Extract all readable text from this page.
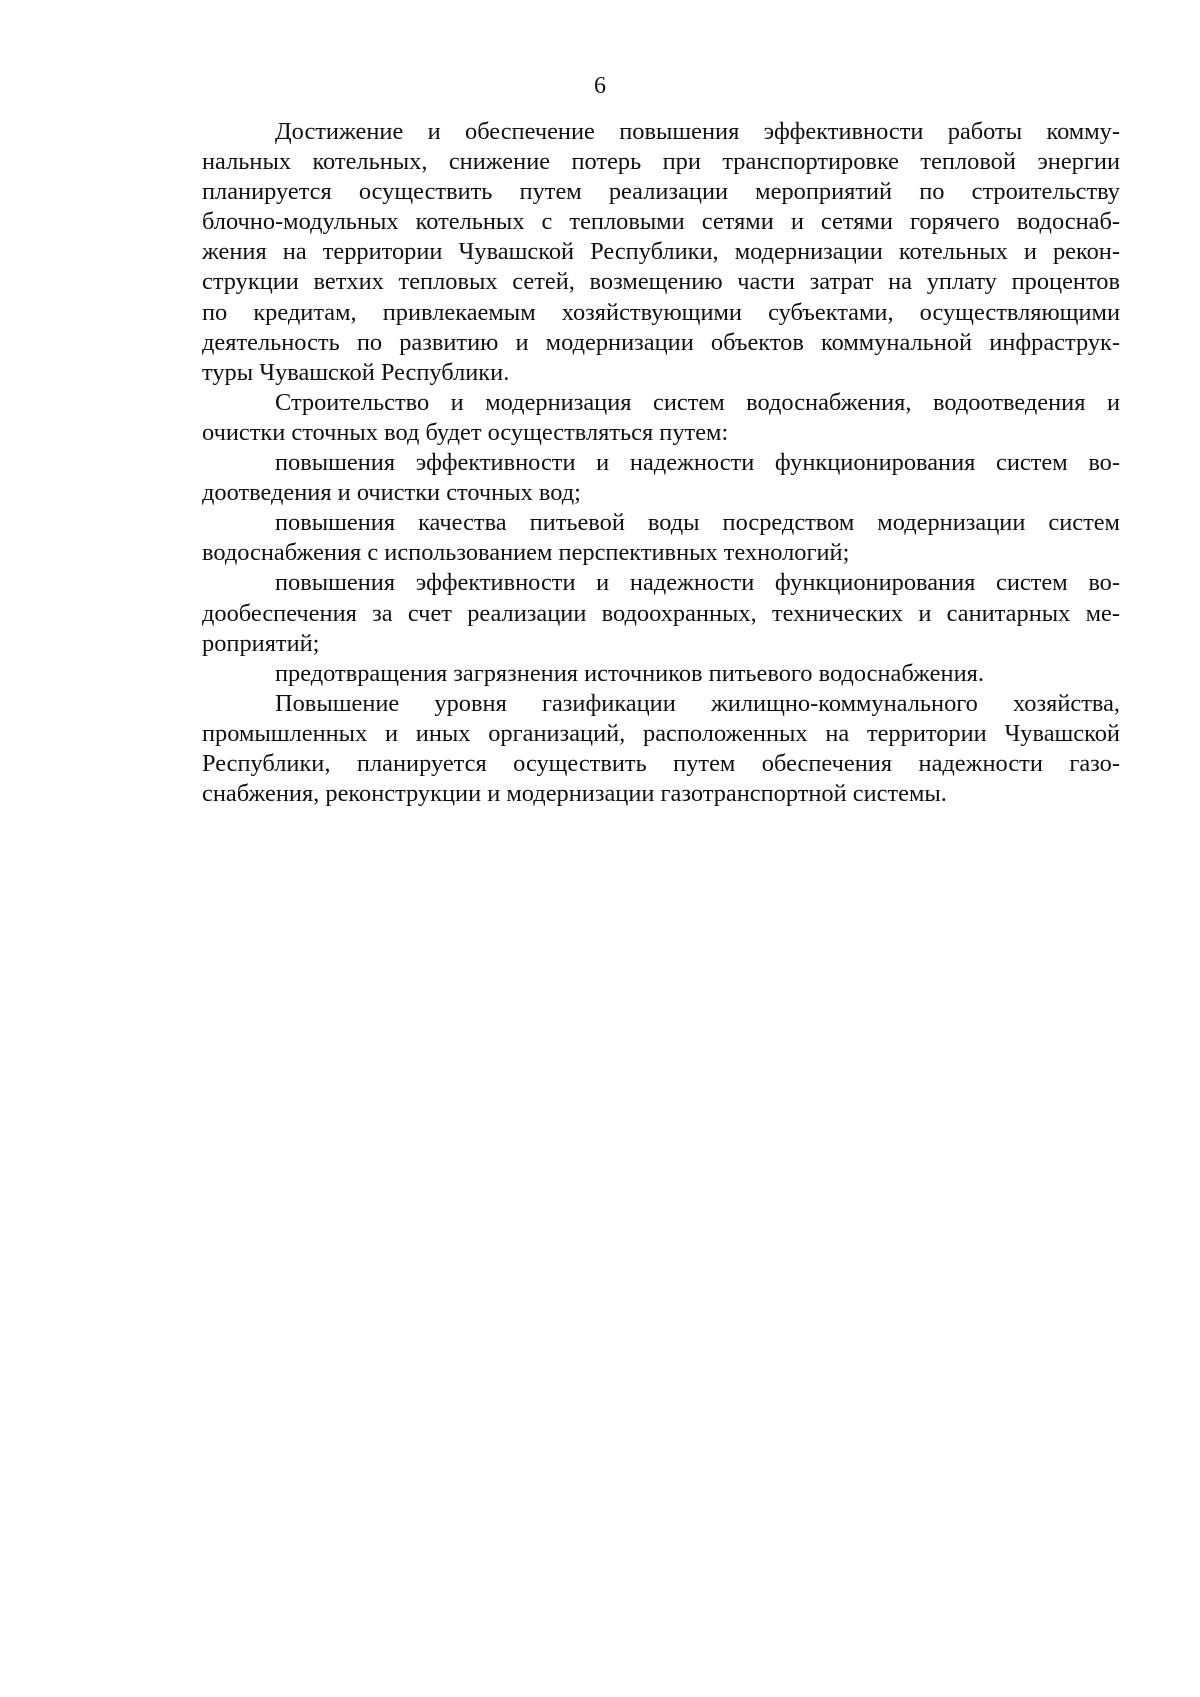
6
Достижение и обеспечение повышения эффективности работы комму-
нальных котельных, снижение потерь при транспортировке тепловой энергии
планируется осуществить путем реализации мероприятий по строительству
блочно-модульных котельных с тепловыми сетями и сетями горячего водоснаб-
жения на территории Чувашской Республики, модернизации котельных и рекон-
струкции ветхих тепловых сетей, возмещению части затрат на уплату процентов
по кредитам, привлекаемым хозяйствующими субъектами, осуществляющими
деятельность по развитию и модернизации объектов коммунальной инфраструк-
туры Чувашской Республики.
Строительство и модернизация систем водоснабжения, водоотведения и
очистки сточных вод будет осуществляться путем:
повышения эффективности и надежности функционирования систем во-
доотведения и очистки сточных вод;
повышения качества питьевой воды посредством модернизации систем
водоснабжения с использованием перспективных технологий;
повышения эффективности и надежности функционирования систем во-
дообеспечения за счет реализации водоохранных, технических и санитарных ме-
роприятий;
предотвращения загрязнения источников питьевого водоснабжения.
Повышение уровня газификации жилищно-коммунального хозяйства,
промышленных и иных организаций, расположенных на территории Чувашской
Республики, планируется осуществить путем обеспечения надежности газо-
снабжения, реконструкции и модернизации газотранспортной системы.
